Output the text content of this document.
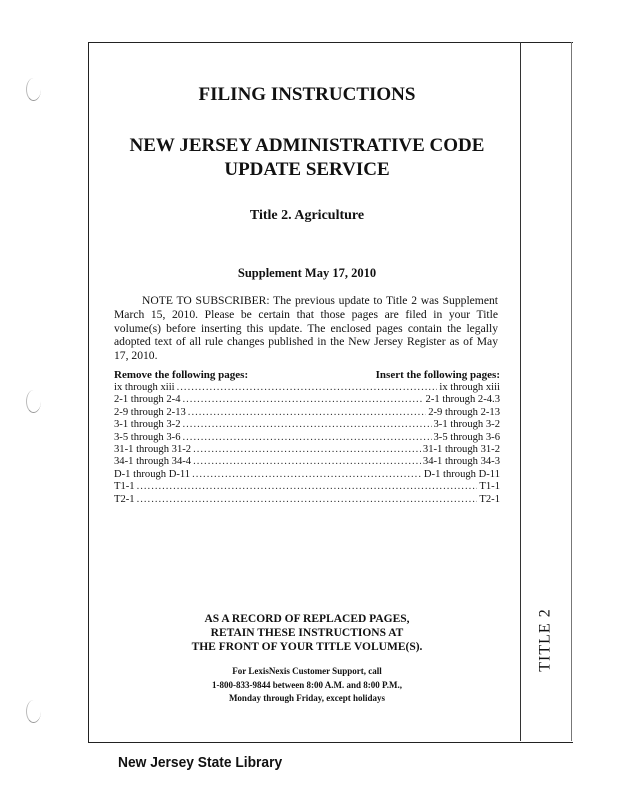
TITLE 2
FILING INSTRUCTIONS
NEW JERSEY ADMINISTRATIVE CODE
UPDATE SERVICE
Title 2. Agriculture
Supplement May 17, 2010
NOTE TO SUBSCRIBER: The previous update to Title 2 was Supplement March 15, 2010. Please be certain that those pages are filed in your Title volume(s) before inserting this update. The enclosed pages contain the legally adopted text of all rule changes published in the New Jersey Register as of May 17, 2010.
Remove the following pages:	Insert the following pages:
ix through xiii .....	ix through xiii
2-1 through 2-4 .....	2-1 through 2-4.3
2-9 through 2-13 .....	2-9 through 2-13
3-1 through 3-2 .....	3-1 through 3-2
3-5 through 3-6 .....	3-5 through 3-6
31-1 through 31-2 .....	31-1 through 31-2
34-1 through 34-4 .....	34-1 through 34-3
D-1 through D-11 .....	D-1 through D-11
T1-1 .....	T1-1
T2-1 .....	T2-1
AS A RECORD OF REPLACED PAGES,
RETAIN THESE INSTRUCTIONS AT
THE FRONT OF YOUR TITLE VOLUME(S).
For LexisNexis Customer Support, call
1-800-833-9844 between 8:00 A.M. and 8:00 P.M.,
Monday through Friday, except holidays
New Jersey State Library
